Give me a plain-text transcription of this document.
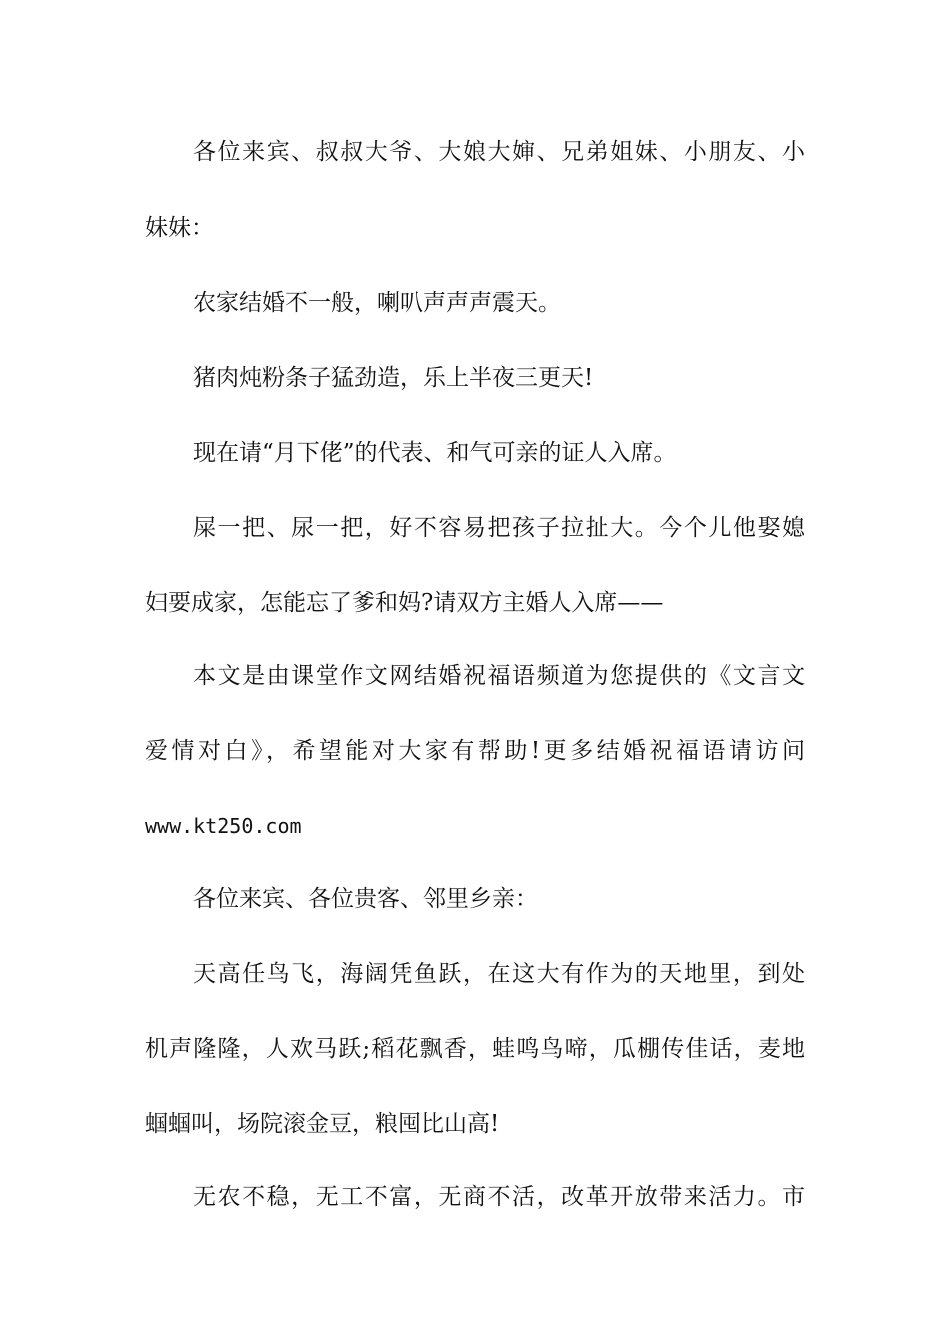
各位来宾、叔叔大爷、大娘大婶、兄弟姐妹、小朋友、小
妹妹：
农家结婚不一般，喇叭声声声震天。
猪肉炖粉条子猛劲造，乐上半夜三更天!
现在请“月下佬”的代表、和气可亲的证人入席。
屎一把、尿一把，好不容易把孩子拉扯大。今个儿他娶媳
妇要成家，怎能忘了爹和妈?请双方主婚人入席——
本文是由课堂作文网结婚祝福语频道为您提供的《文言文
爱情对白》，希望能对大家有帮助!更多结婚祝福语请访问
www.kt250.com
各位来宾、各位贵客、邻里乡亲：
天高任鸟飞，海阔凭鱼跃，在这大有作为的天地里，到处
机声隆隆，人欢马跃;稻花飘香，蛙鸣鸟啼，瓜棚传佳话，麦地
蝈蝈叫，场院滚金豆，粮囤比山高!
无农不稳，无工不富，无商不活，改革开放带来活力。市
